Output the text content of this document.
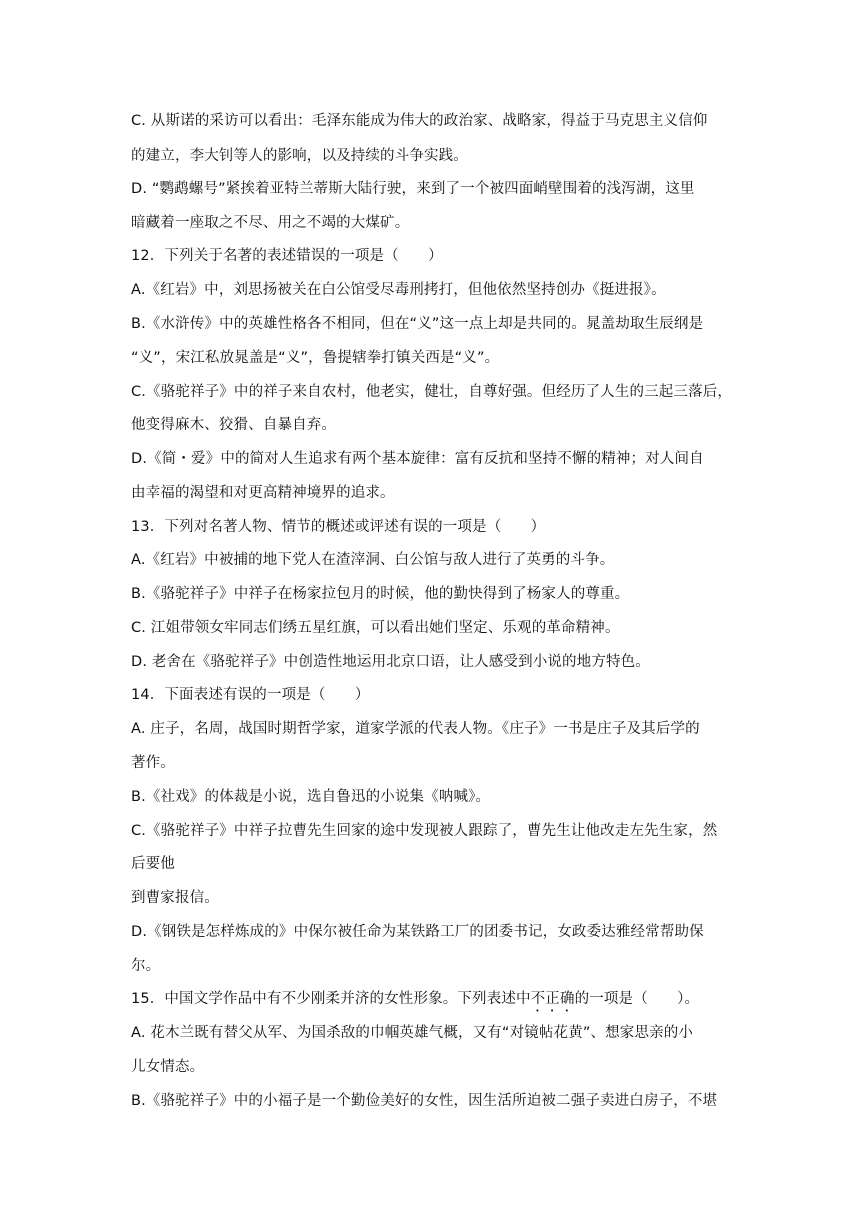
C. 从斯诺的采访可以看出：毛泽东能成为伟大的政治家、战略家，得益于马克思主义信仰
的建立，李大钊等人的影响，以及持续的斗争实践。
D. “鹦鹉螺号”紧挨着亚特兰蒂斯大陆行驶，来到了一个被四面峭壁围着的浅泻湖，这里
暗藏着一座取之不尽、用之不竭的大煤矿。
12．下列关于名著的表述错误的一项是（　　）
A.《红岩》中，刘思扬被关在白公馆受尽毒刑拷打，但他依然坚持创办《挺进报》。
B.《水浒传》中的英雄性格各不相同，但在“义”这一点上却是共同的。晁盖劫取生辰纲是
“义”，宋江私放晁盖是“义”，鲁提辖拳打镇关西是“义”。
C.《骆驼祥子》中的祥子来自农村，他老实，健壮，自尊好强。但经历了人生的三起三落后，
他变得麻木、狡猾、自暴自弃。
D.《简・爱》中的简对人生追求有两个基本旋律：富有反抗和坚持不懈的精神；对人间自
由幸福的渴望和对更高精神境界的追求。
13．下列对名著人物、情节的概述或评述有误的一项是（　　）
A.《红岩》中被捕的地下党人在渣滓洞、白公馆与敌人进行了英勇的斗争。
B.《骆驼祥子》中祥子在杨家拉包月的时候，他的勤快得到了杨家人的尊重。
C. 江姐带领女牢同志们绣五星红旗，可以看出她们坚定、乐观的革命精神。
D. 老舍在《骆驼祥子》中创造性地运用北京口语，让人感受到小说的地方特色。
14．下面表述有误的一项是（　　）
A. 庄子，名周，战国时期哲学家，道家学派的代表人物。《庄子》一书是庄子及其后学的
著作。
B.《社戏》的体裁是小说，选自鲁迅的小说集《呐喊》。
C.《骆驼祥子》中祥子拉曹先生回家的途中发现被人跟踪了，曹先生让他改走左先生家，然
后要他
到曹家报信。
D.《钢铁是怎样炼成的》中保尔被任命为某铁路工厂的团委书记，女政委达雅经常帮助保
尔。
15．中国文学作品中有不少刚柔并济的女性形象。下列表述中不正确的一项是（　　）。
A. 花木兰既有替父从军、为国杀敌的巾帼英雄气概，又有“对镜帖花黄”、想家思亲的小
儿女情态。
B.《骆驼祥子》中的小福子是一个勤俭美好的女性，因生活所迫被二强子卖进白房子，不堪
